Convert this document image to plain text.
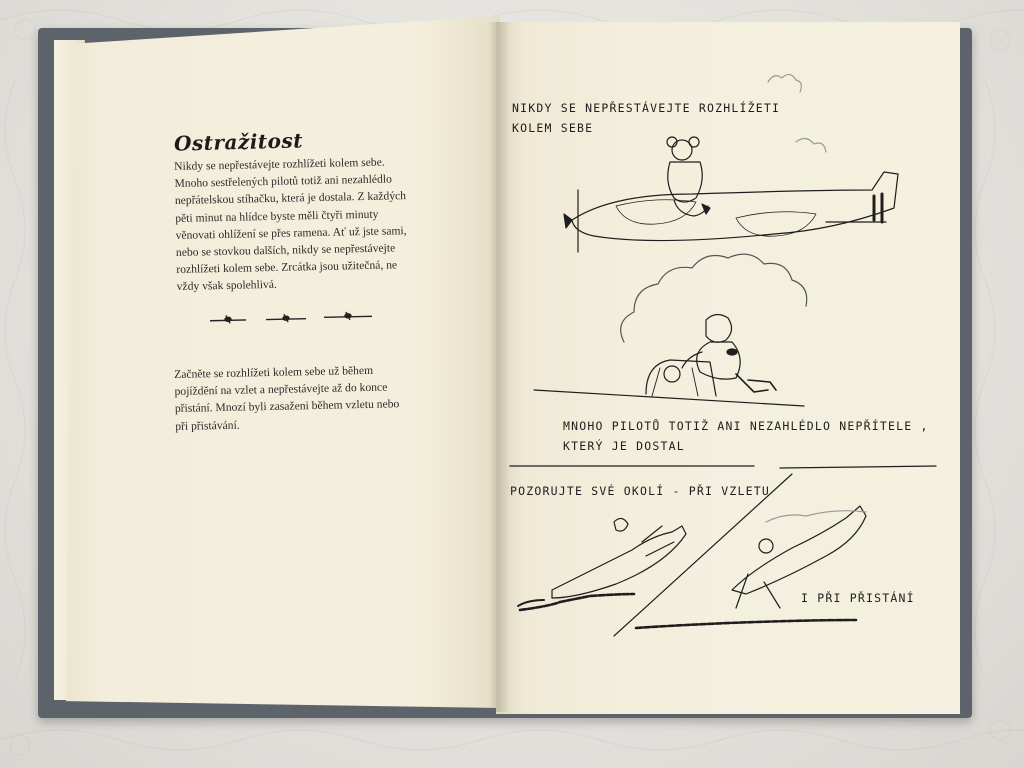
Ostražitost
Nikdy se nepřestávejte rozhlížeti kolem sebe.
Mnoho sestřelených pilotů totiž ani nezahlédlo
nepřátelskou stíhačku, která je dostala. Z každých
pěti minut na hlídce byste měli čtyři minuty
věnovati ohlížení se přes ramena. Ať už jste sami,
nebo se stovkou dalších, nikdy se nepřestávejte
rozhlížeti kolem sebe. Zrcátka jsou užitečná, ne
vždy však spolehlivá.
Začněte se rozhlížeti kolem sebe už během
pojíždění na vzlet a nepřestávejte až do konce
přistání. Mnozí byli zasaženi během vzletu nebo
při přistávání.
NIKDY SE NEPŘESTÁVEJTE ROZHLÍŽETI
KOLEM SEBE
MNOHO PILOTŮ TOTIŽ ANI NEZAHLÉDLO NEPŘÍTELE ,
KTERÝ JE DOSTAL
POZORUJTE SVÉ OKOLÍ - PŘI VZLETU
I PŘI PŘISTÁNÍ
